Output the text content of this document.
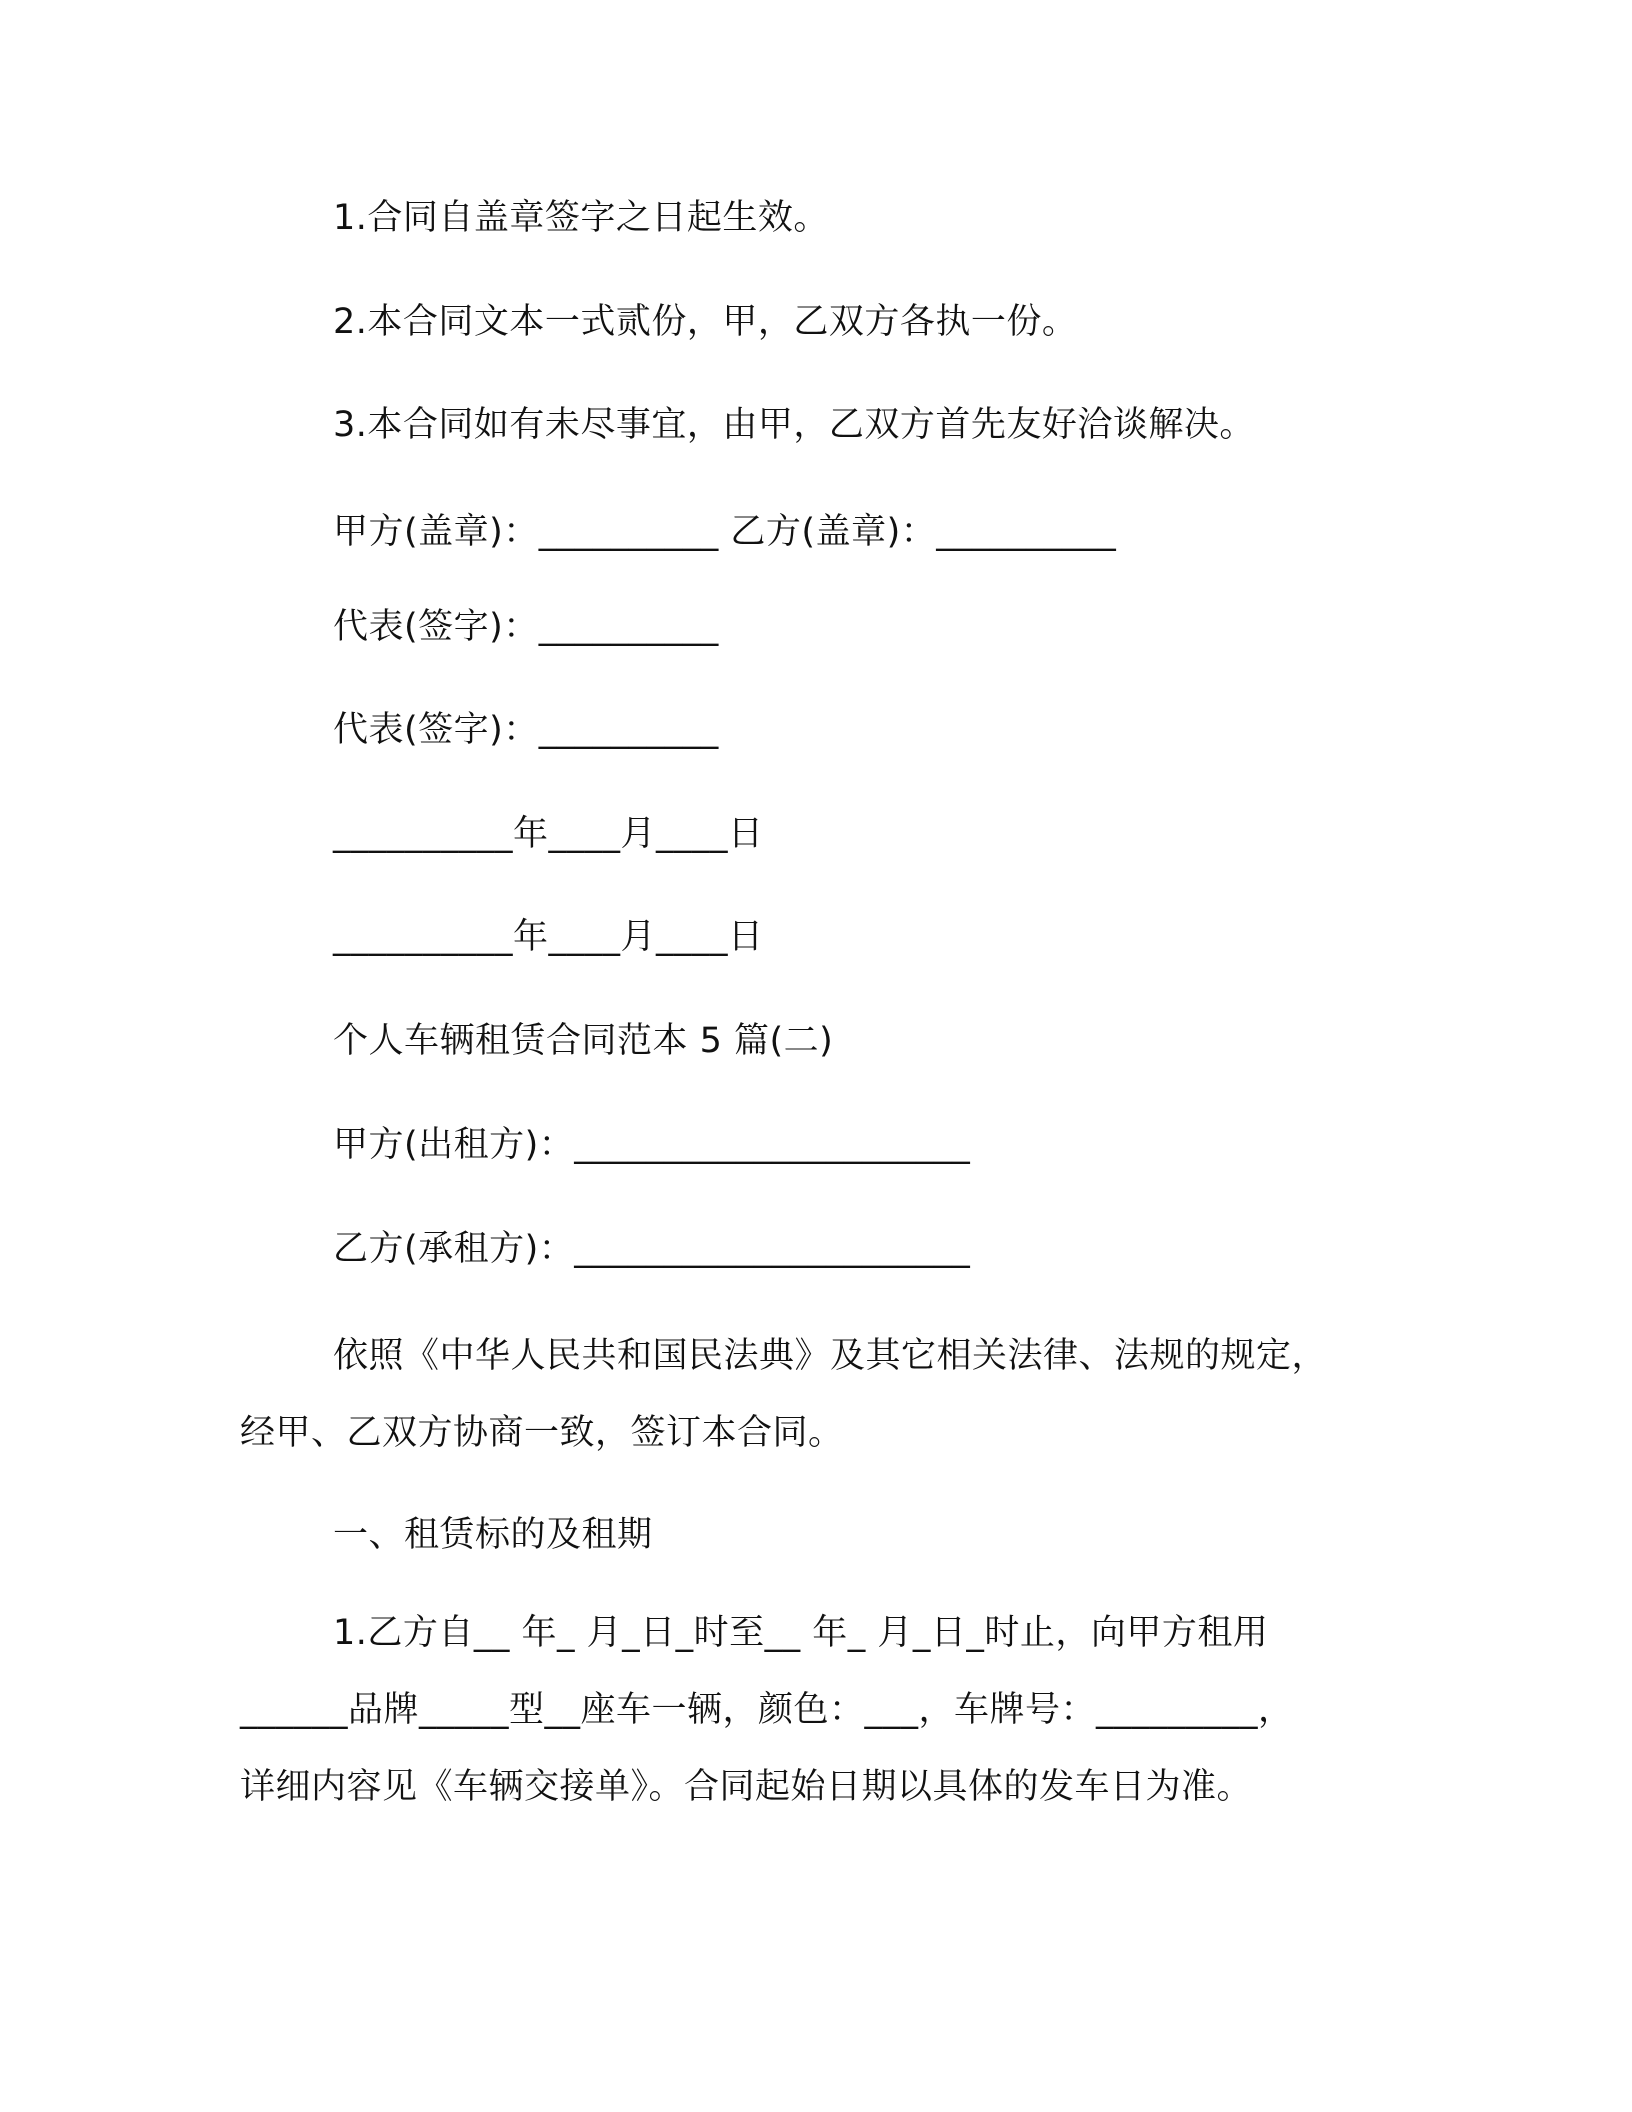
1.合同自盖章签字之日起生效。
2.本合同文本一式贰份，甲，乙双方各执一份。
3.本合同如有未尽事宜，由甲，乙双方首先友好洽谈解决。
甲方(盖章)：__________ 乙方(盖章)：__________
代表(签字)：__________
代表(签字)：__________
__________年____月____日
__________年____月____日
个人车辆租赁合同范本 5 篇(二)
甲方(出租方)：______________________
乙方(承租方)：______________________
依照《中华人民共和国民法典》及其它相关法律、法规的规定，
经甲、乙双方协商一致，签订本合同。
一、租赁标的及租期
1.乙方自__ 年_ 月_日_时至__ 年_ 月_日_时止，向甲方租用
______品牌_____型__座车一辆，颜色：___，车牌号：_________，
详细内容见《车辆交接单》。合同起始日期以具体的发车日为准。
